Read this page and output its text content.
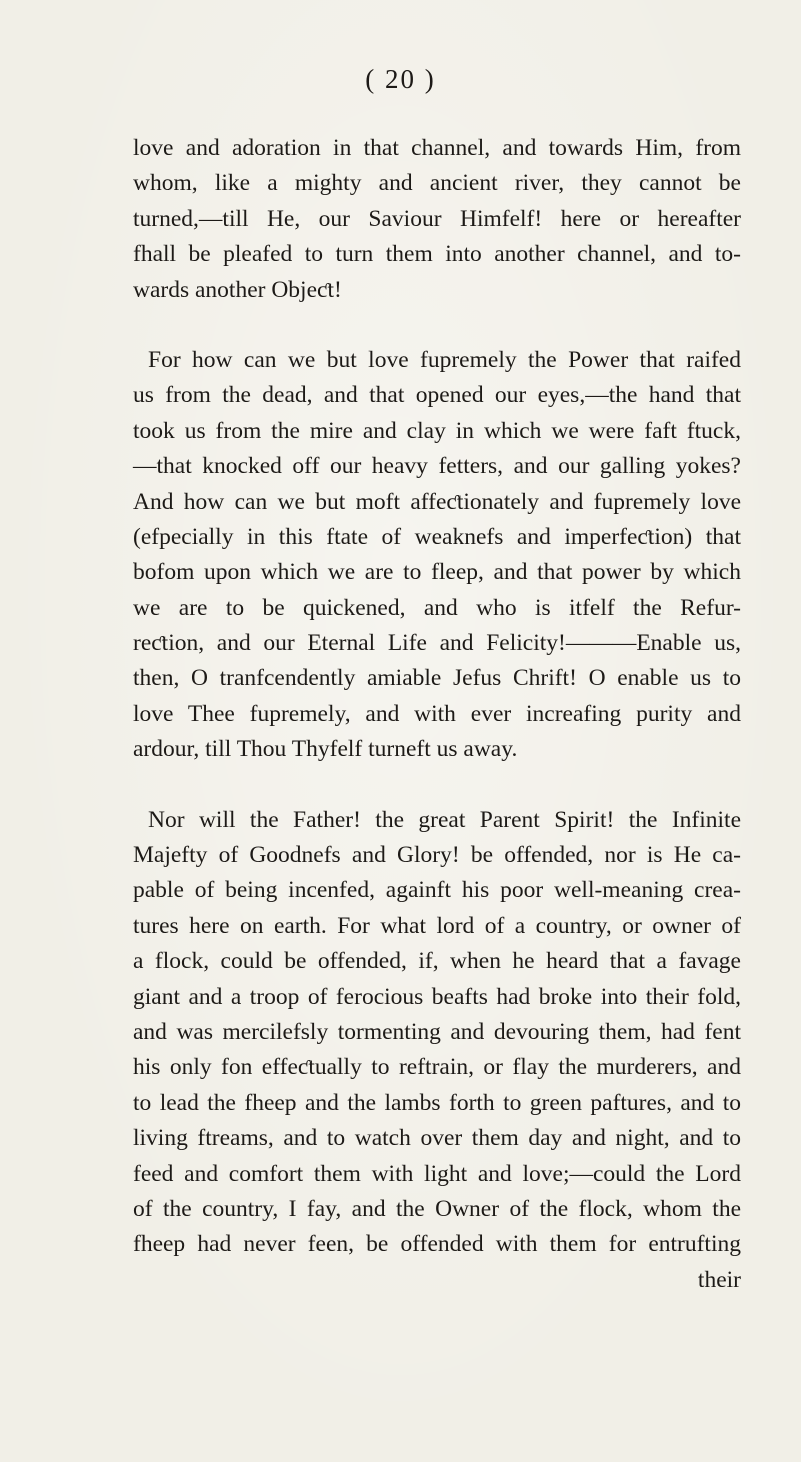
( 20 )
love and adoration in that channel, and towards Him, from
whom, like a mighty and ancient river, they cannot be
turned,—till He, our Saviour Himfelf! here or hereafter
fhall be pleafed to turn them into another channel, and to-
wards another Objeƈt!
For how can we but love fupremely the Power that raifed
us from the dead, and that opened our eyes,—the hand that
took us from the mire and clay in which we were faft ftuck,
—that knocked off our heavy fetters, and our galling yokes?
And how can we but moft affeƈtionately and fupremely love
(efpecially in this ftate of weaknefs and imperfeƈtion) that
bofom upon which we are to fleep, and that power by which
we are to be quickened, and who is itfelf the Refur-
reƈtion, and our Eternal Life and Felicity!———Enable us,
then, O tranfcendently amiable Jefus Chrift! O enable us to
love Thee fupremely, and with ever increafing purity and
ardour, till Thou Thyfelf turneft us away.
Nor will the Father! the great Parent Spirit! the Infinite
Majefty of Goodnefs and Glory! be offended, nor is He ca-
pable of being incenfed, againft his poor well-meaning crea-
tures here on earth. For what lord of a country, or owner of
a flock, could be offended, if, when he heard that a favage
giant and a troop of ferocious beafts had broke into their fold,
and was mercilefsly tormenting and devouring them, had fent
his only fon effeƈtually to reftrain, or flay the murderers, and
to lead the fheep and the lambs forth to green paftures, and to
living ftreams, and to watch over them day and night, and to
feed and comfort them with light and love;—could the Lord
of the country, I fay, and the Owner of the flock, whom the
fheep had never feen, be offended with them for entrufting
their
